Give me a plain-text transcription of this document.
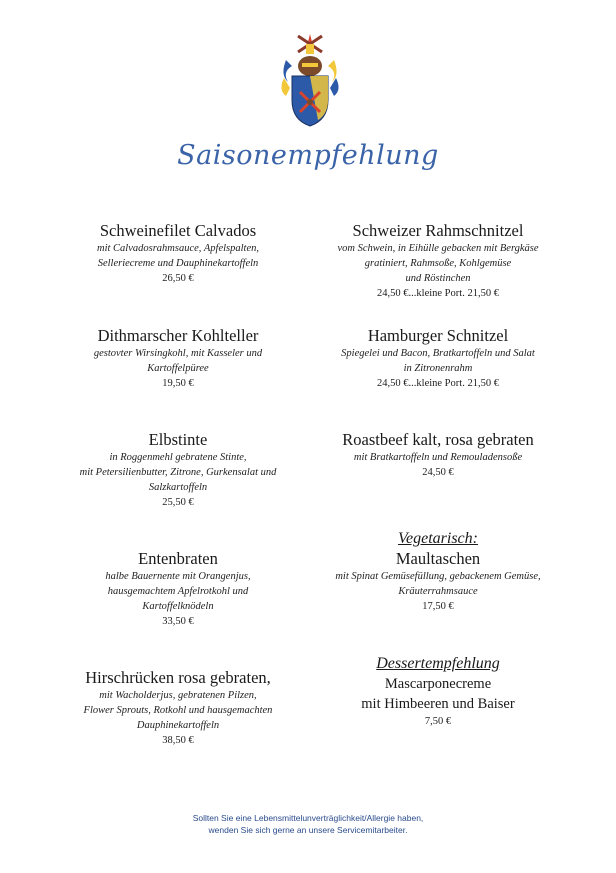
Saisonempfehlung
Schweinefilet Calvados
mit Calvadosrahmsauce, Apfelspalten,
Selleriecreme und Dauphinekartoffeln
26,50 €
Dithmarscher Kohlteller
gestovter Wirsingkohl, mit Kasseler und
Kartoffelpüree
19,50 €
Elbstinte
in Roggenmehl gebratene Stinte,
mit Petersilienbutter, Zitrone, Gurkensalat und
Salzkartoffeln
25,50 €
Entenbraten
halbe Bauernente mit Orangenjus,
hausgemachtem Apfelrotkohl und
Kartoffelknödeln
33,50 €
Hirschrücken rosa gebraten,
mit Wacholderjus, gebratenen Pilzen,
Flower Sprouts, Rotkohl und hausgemachten
Dauphinekartoffeln
38,50 €
Schweizer Rahmschnitzel
vom Schwein, in Eihülle gebacken mit Bergkäse
gratiniert, Rahmsoße, Kohlgemüse
und Röstinchen
24,50 €...kleine Port. 21,50 €
Hamburger Schnitzel
Spiegelei und Bacon, Bratkartoffeln und Salat
in Zitronenrahm
24,50 €...kleine Port. 21,50 €
Roastbeef kalt, rosa gebraten
mit Bratkartoffeln und Remouladensoße
24,50 €
Vegetarisch:
Maultaschen
mit Spinat Gemüsefüllung, gebackenem Gemüse,
Kräuterrahmsauce
17,50 €
Dessertempfehlung
Mascarponecreme
mit Himbeeren und Baiser
7,50 €
Sollten Sie eine Lebensmittelunverträglichkeit/Allergie haben,
wenden Sie sich gerne an unsere Servicemitarbeiter.
